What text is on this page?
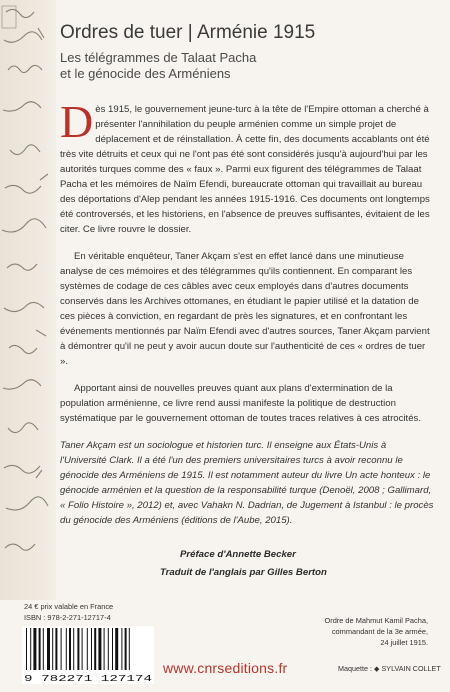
Ordres de tuer | Arménie 1915
Les télégrammes de Talaat Pacha
et le génocide des Arméniens

Dès 1915, le gouvernement jeune-turc à la tête de l'Empire ottoman a cherché à présenter l'annihilation du peuple arménien comme un simple projet de déplacement et de réinstallation. À cette fin, des documents accablants ont été très vite détruits et ceux qui ne l'ont pas été sont considérés jusqu'à aujourd'hui par les autorités turques comme des « faux ». Parmi eux figurent des télégrammes de Talaat Pacha et les mémoires de Naïm Efendi, bureaucrate ottoman qui travaillait au bureau des déportations d'Alep pendant les années 1915-1916. Ces documents ont longtemps été controversés, et les historiens, en l'absence de preuves suffisantes, évitaient de les citer. Ce livre rouvre le dossier.

En véritable enquêteur, Taner Akçam s'est en effet lancé dans une minutieuse analyse de ces mémoires et des télégrammes qu'ils contiennent. En comparant les systèmes de codage de ces câbles avec ceux employés dans d'autres documents conservés dans les Archives ottomanes, en étudiant le papier utilisé et la datation de ces pièces à conviction, en regardant de près les signatures, et en confrontant les événements mentionnés par Naïm Efendi avec d'autres sources, Taner Akçam parvient à démontrer qu'il ne peut y avoir aucun doute sur l'authenticité de ces « ordres de tuer ».

Apportant ainsi de nouvelles preuves quant aux plans d'extermination de la population arménienne, ce livre rend aussi manifeste la politique de destruction systématique par le gouvernement ottoman de toutes traces relatives à ces atrocités.

Taner Akçam est un sociologue et historien turc. Il enseigne aux États-Unis à l'Université Clark. Il a été l'un des premiers universitaires turcs à avoir reconnu le génocide des Arméniens de 1915. Il est notamment auteur du livre Un acte honteux : le génocide arménien et la question de la responsabilité turque (Denoël, 2008 ; Gallimard, « Folio Histoire », 2012) et, avec Vahakn N. Dadrian, de Jugement à Istanbul : le procès du génocide des Arméniens (éditions de l'Aube, 2015).

Préface d'Annette Becker
Traduit de l'anglais par Gilles Berton
24 € prix valable en France
ISBN : 978-2-271-12717-4
9 782271 127174
Ordre de Mahmut Kamil Pacha,
commandant de la 3e armée,
24 juillet 1915.
www.cnrseditions.fr	Maquette : ◆ SYLVAIN COLLET
